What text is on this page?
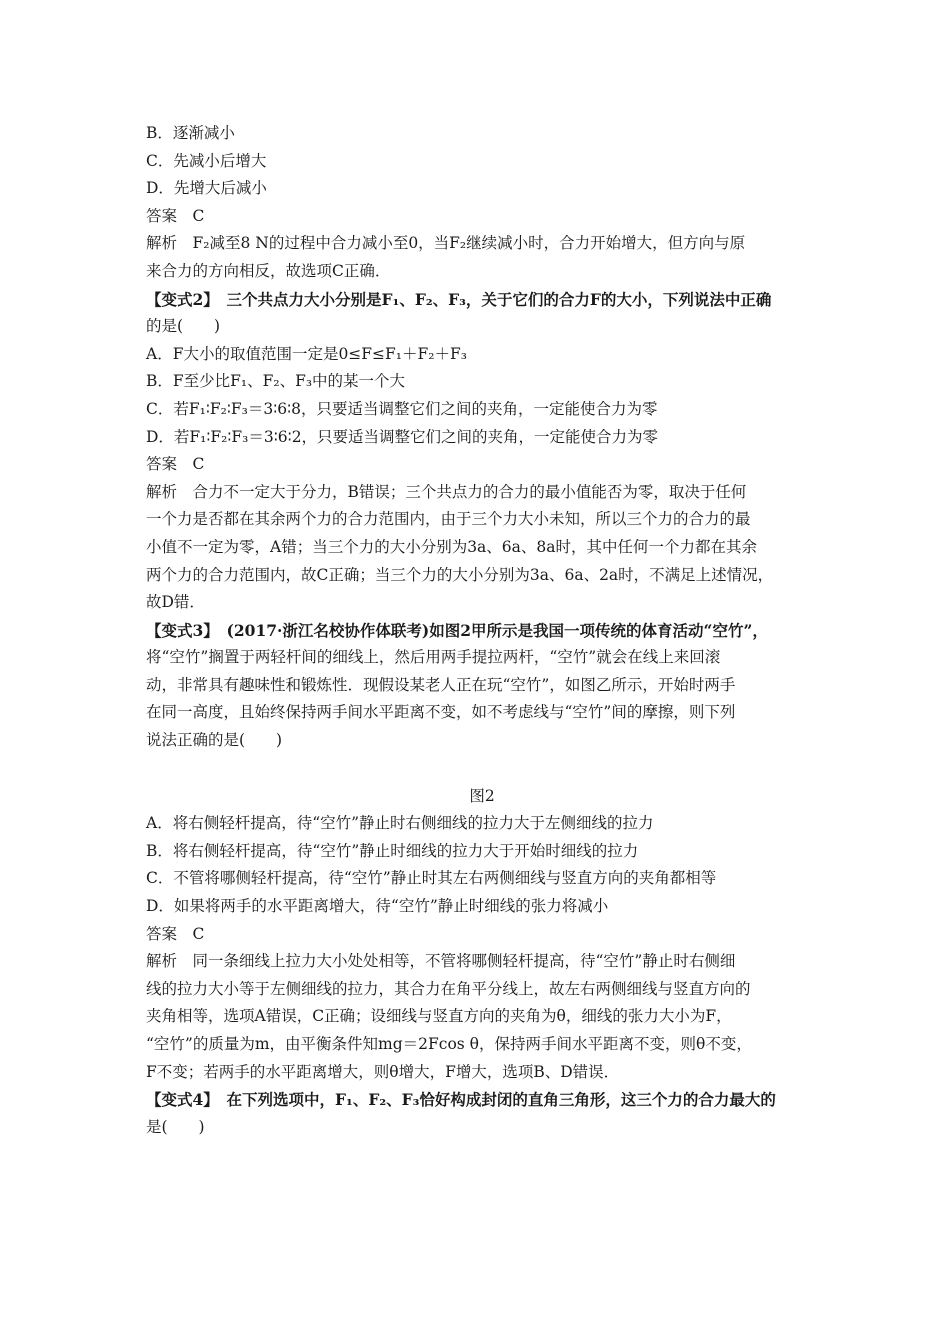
B．逐渐减小
C．先减小后增大
D．先增大后减小
答案　C
解析　F₂减至8 N的过程中合力减小至0，当F₂继续减小时，合力开始增大，但方向与原
来合力的方向相反，故选项C正确．
【变式2】　三个共点力大小分别是F₁、F₂、F₃，关于它们的合力F的大小，下列说法中正确
的是(　　)
A．F大小的取值范围一定是0≤F≤F₁＋F₂＋F₃
B．F至少比F₁、F₂、F₃中的某一个大
C．若F₁∶F₂∶F₃＝3∶6∶8，只要适当调整它们之间的夹角，一定能使合力为零
D．若F₁∶F₂∶F₃＝3∶6∶2，只要适当调整它们之间的夹角，一定能使合力为零
答案　C
解析　合力不一定大于分力，B错误；三个共点力的合力的最小值能否为零，取决于任何
一个力是否都在其余两个力的合力范围内，由于三个力大小未知，所以三个力的合力的最
小值不一定为零，A错；当三个力的大小分别为3a、6a、8a时，其中任何一个力都在其余
两个力的合力范围内，故C正确；当三个力的大小分别为3a、6a、2a时，不满足上述情况，
故D错．
【变式3】　(2017·浙江名校协作体联考)如图2甲所示是我国一项传统的体育活动“空竹”，
将“空竹”搁置于两轻杆间的细线上，然后用两手提拉两杆，“空竹”就会在线上来回滚
动，非常具有趣味性和锻炼性．现假设某老人正在玩“空竹”，如图乙所示，开始时两手
在同一高度，且始终保持两手间水平距离不变，如不考虑线与“空竹”间的摩擦，则下列
说法正确的是(　　)
图2
A．将右侧轻杆提高，待“空竹”静止时右侧细线的拉力大于左侧细线的拉力
B．将右侧轻杆提高，待“空竹”静止时细线的拉力大于开始时细线的拉力
C．不管将哪侧轻杆提高，待“空竹”静止时其左右两侧细线与竖直方向的夹角都相等
D．如果将两手的水平距离增大，待“空竹”静止时细线的张力将减小
答案　C
解析　同一条细线上拉力大小处处相等，不管将哪侧轻杆提高，待“空竹”静止时右侧细
线的拉力大小等于左侧细线的拉力，其合力在角平分线上，故左右两侧细线与竖直方向的
夹角相等，选项A错误，C正确；设细线与竖直方向的夹角为θ，细线的张力大小为F，
“空竹”的质量为m，由平衡条件知mg＝2Fcos θ，保持两手间水平距离不变，则θ不变，
F不变；若两手的水平距离增大，则θ增大，F增大，选项B、D错误．
【变式4】　在下列选项中，F₁、F₂、F₃恰好构成封闭的直角三角形，这三个力的合力最大的
是(　　)
